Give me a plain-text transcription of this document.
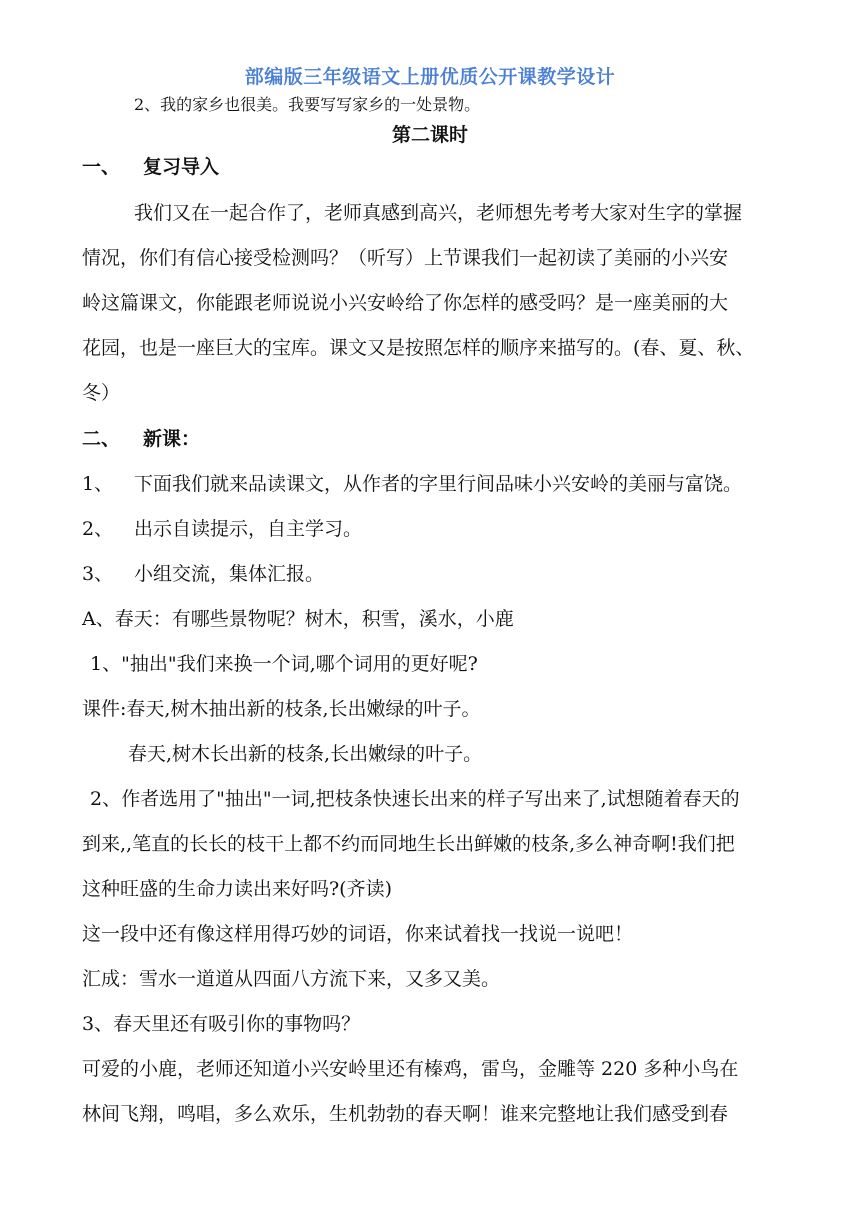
部编版三年级语文上册优质公开课教学设计
2、我的家乡也很美。我要写写家乡的一处景物。
第二课时
一、 复习导入
我们又在一起合作了，老师真感到高兴，老师想先考考大家对生字的掌握
情况，你们有信心接受检测吗？（听写）上节课我们一起初读了美丽的小兴安
岭这篇课文，你能跟老师说说小兴安岭给了你怎样的感受吗？是一座美丽的大
花园，也是一座巨大的宝库。课文又是按照怎样的顺序来描写的。(春、夏、秋、
冬）
二、 新课：
1、 下面我们就来品读课文，从作者的字里行间品味小兴安岭的美丽与富饶。
2、 出示自读提示，自主学习。
3、 小组交流，集体汇报。
A、春天：有哪些景物呢？树木，积雪，溪水，小鹿
1、"抽出"我们来换一个词,哪个词用的更好呢?
课件:春天,树木抽出新的枝条,长出嫩绿的叶子。
春天,树木长出新的枝条,长出嫩绿的叶子。
2、作者选用了"抽出"一词,把枝条快速长出来的样子写出来了,试想随着春天的
到来,,笔直的长长的枝干上都不约而同地生长出鲜嫩的枝条,多么神奇啊!我们把
这种旺盛的生命力读出来好吗?(齐读)
这一段中还有像这样用得巧妙的词语，你来试着找一找说一说吧！
汇成：雪水一道道从四面八方流下来，又多又美。
3、春天里还有吸引你的事物吗？
可爱的小鹿，老师还知道小兴安岭里还有榛鸡，雷鸟，金雕等 220 多种小鸟在
林间飞翔，鸣唱，多么欢乐，生机勃勃的春天啊！谁来完整地让我们感受到春
